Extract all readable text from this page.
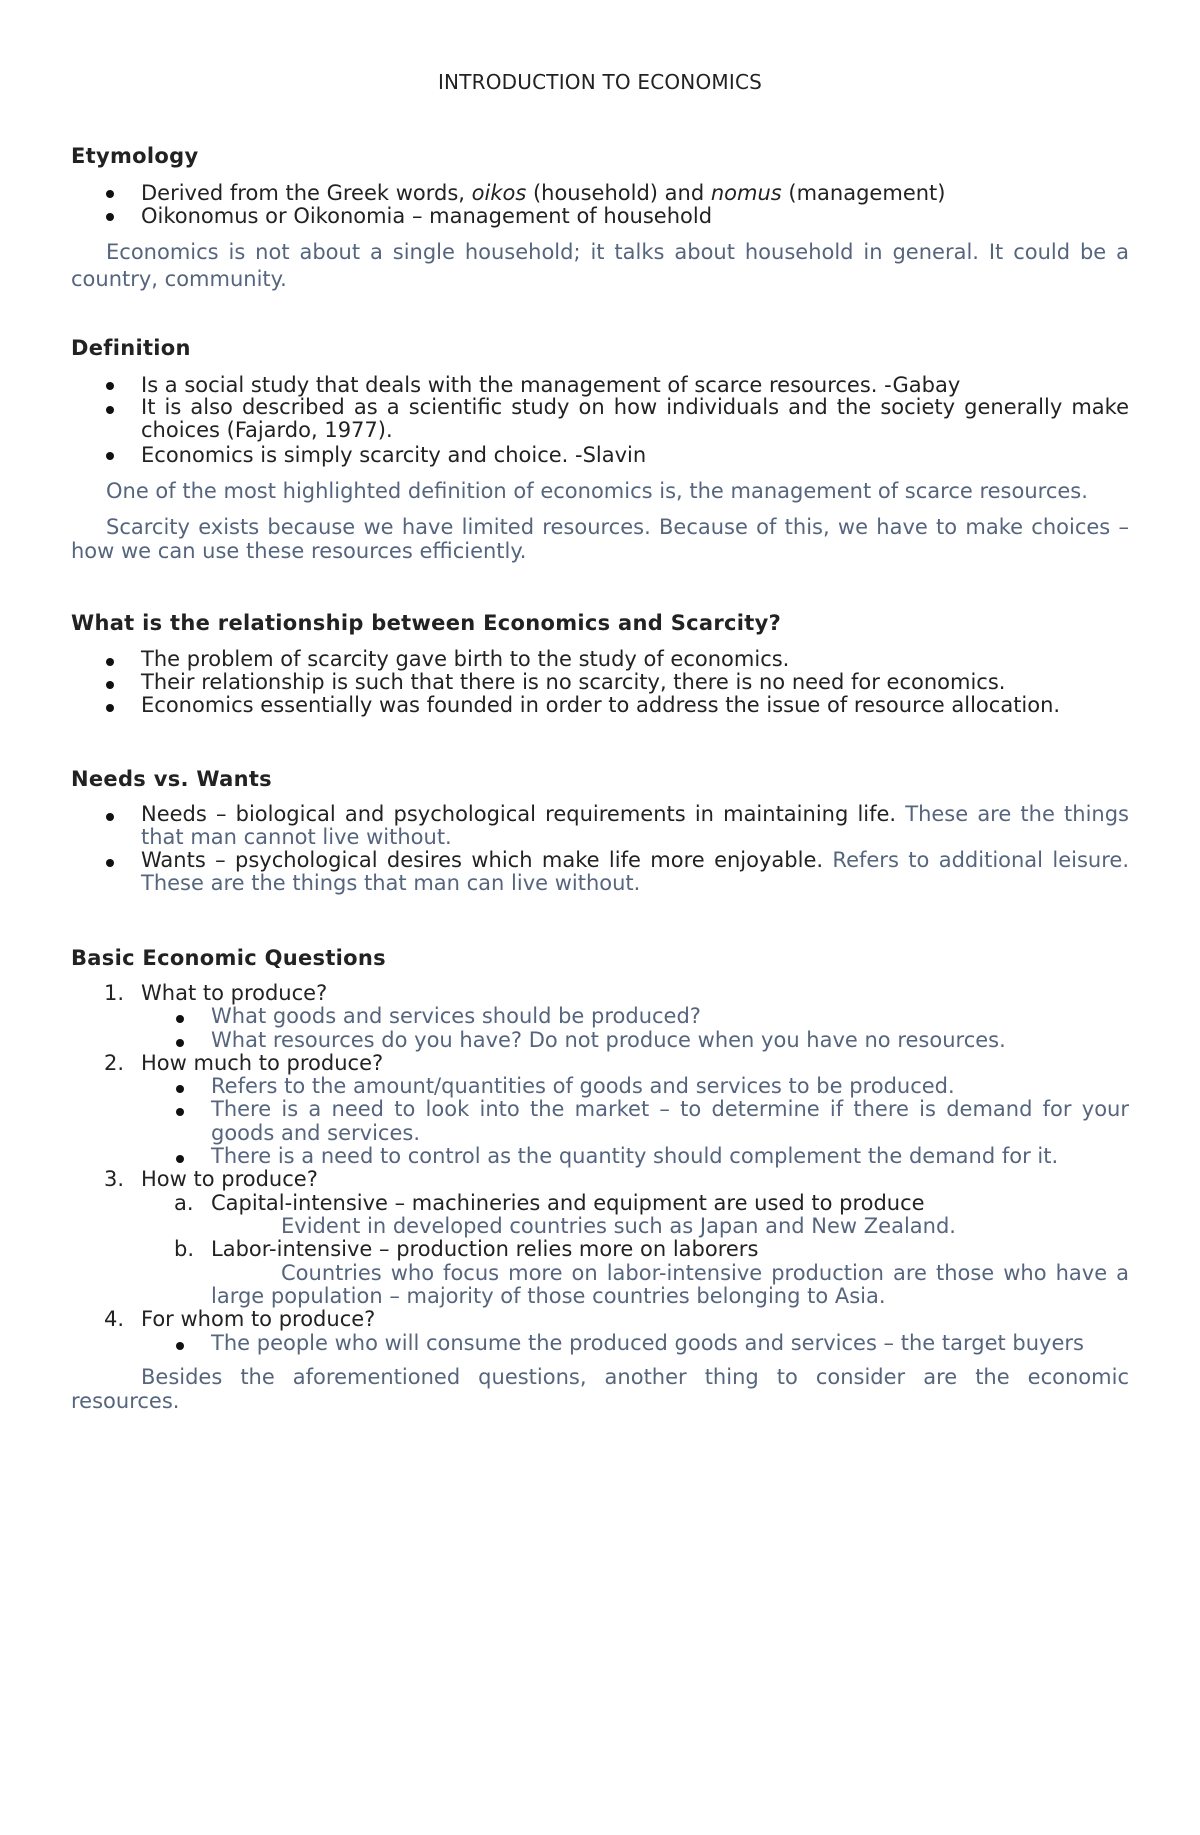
INTRODUCTION TO ECONOMICS
Etymology
Derived from the Greek words, oikos (household) and nomus (management)
Oikonomus or Oikonomia – management of household
Economics is not about a single household; it talks about household in general. It could be a country, community.
Definition
Is a social study that deals with the management of scarce resources. -Gabay
It is also described as a scientific study on how individuals and the society generally make choices (Fajardo, 1977).
Economics is simply scarcity and choice. -Slavin
One of the most highlighted definition of economics is, the management of scarce resources.
Scarcity exists because we have limited resources. Because of this, we have to make choices – how we can use these resources efficiently.
What is the relationship between Economics and Scarcity?
The problem of scarcity gave birth to the study of economics.
Their relationship is such that there is no scarcity, there is no need for economics.
Economics essentially was founded in order to address the issue of resource allocation.
Needs vs. Wants
Needs – biological and psychological requirements in maintaining life. These are the things that man cannot live without.
Wants – psychological desires which make life more enjoyable. Refers to additional leisure. These are the things that man can live without.
Basic Economic Questions
1. What to produce?
What goods and services should be produced?
What resources do you have? Do not produce when you have no resources.
2. How much to produce?
Refers to the amount/quantities of goods and services to be produced.
There is a need to look into the market – to determine if there is demand for your goods and services.
There is a need to control as the quantity should complement the demand for it.
3. How to produce?
a. Capital-intensive – machineries and equipment are used to produce
Evident in developed countries such as Japan and New Zealand.
b. Labor-intensive – production relies more on laborers
Countries who focus more on labor-intensive production are those who have a large population – majority of those countries belonging to Asia.
4. For whom to produce?
The people who will consume the produced goods and services – the target buyers
Besides the aforementioned questions, another thing to consider are the economic resources.
